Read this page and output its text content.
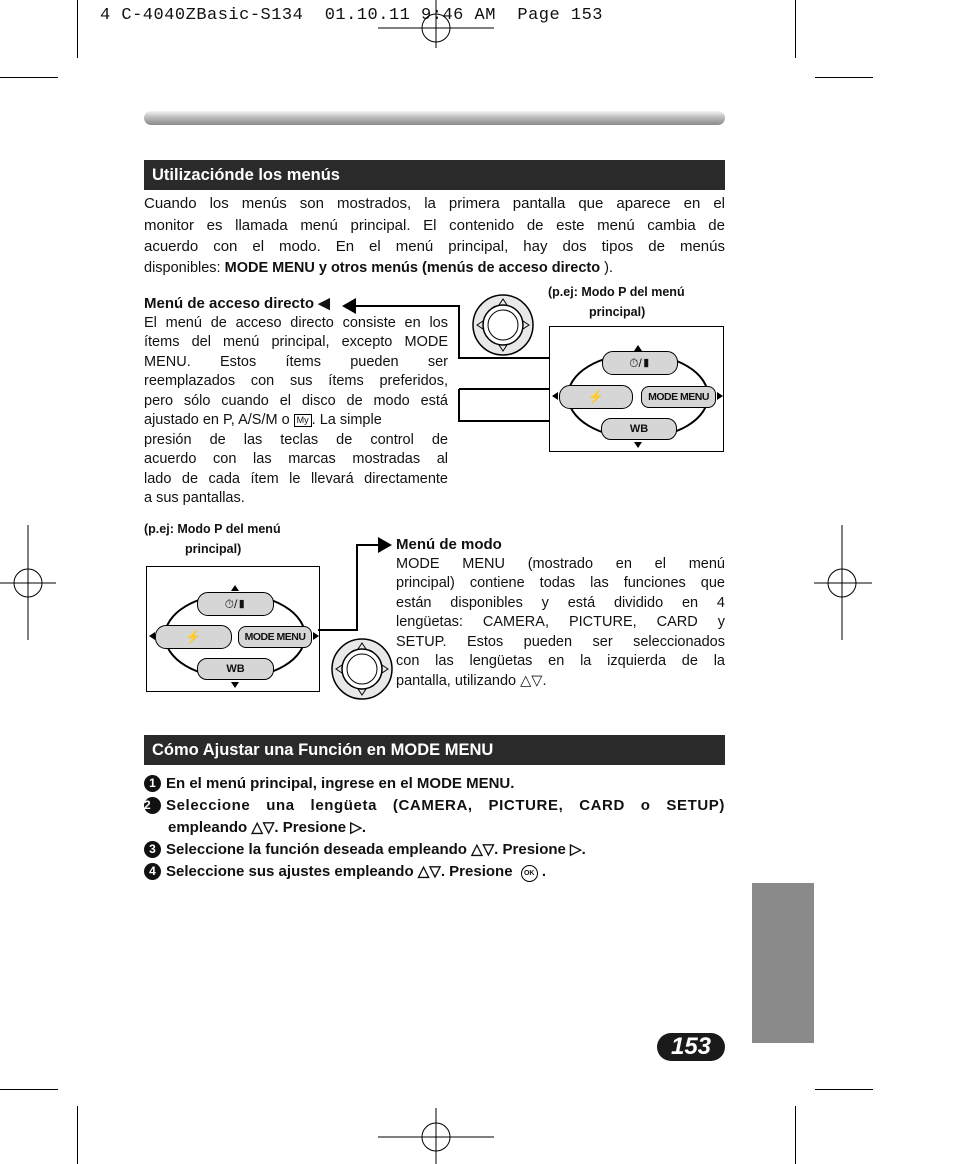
4 C-4040ZBasic-S134  01.10.11 9:46 AM  Page 153
Utilizaciónde los menús
Cuando los menús son mostrados, la primera pantalla que aparece en el
monitor es llamada menú principal. El contenido de este menú cambia de
acuerdo con el modo. En el menú principal, hay dos tipos de menús
disponibles: MODE MENU y otros menús (menús de acceso directo ).
Menú de acceso directo ◀
El menú de acceso directo consiste en los
ítems del menú principal, excepto MODE
MENU. Estos ítems pueden ser
reemplazados con sus ítems preferidos,
pero sólo cuando el disco de modo está
ajustado en P, A/S/M o My . La simple
presión de las teclas de control de
acuerdo con las marcas mostradas al
lado de cada ítem le llevará directamente
a sus pantallas.
(p.ej: Modo P del menú
principal)
⏱/▮
⚡	MODE MENU
WB
(p.ej: Modo P del menú
principal)
⏱/▮
⚡	MODE MENU
WB
Menú de modo
MODE MENU (mostrado en el menú
principal) contiene todas las funciones que
están disponibles y está dividido en 4
lengüetas: CAMERA, PICTURE, CARD y
SETUP. Estos pueden ser seleccionados
con las lengüetas en la izquierda de la
pantalla, utilizando △▽.
Cómo Ajustar una Función en MODE MENU
1 En el menú principal, ingrese en el MODE MENU.
2 Seleccione una lengüeta (CAMERA, PICTURE, CARD o SETUP)
empleando △▽. Presione ▷.
3 Seleccione la función deseada empleando △▽. Presione ▷.
4 Seleccione sus ajustes empleando △▽. Presione OK .
153
